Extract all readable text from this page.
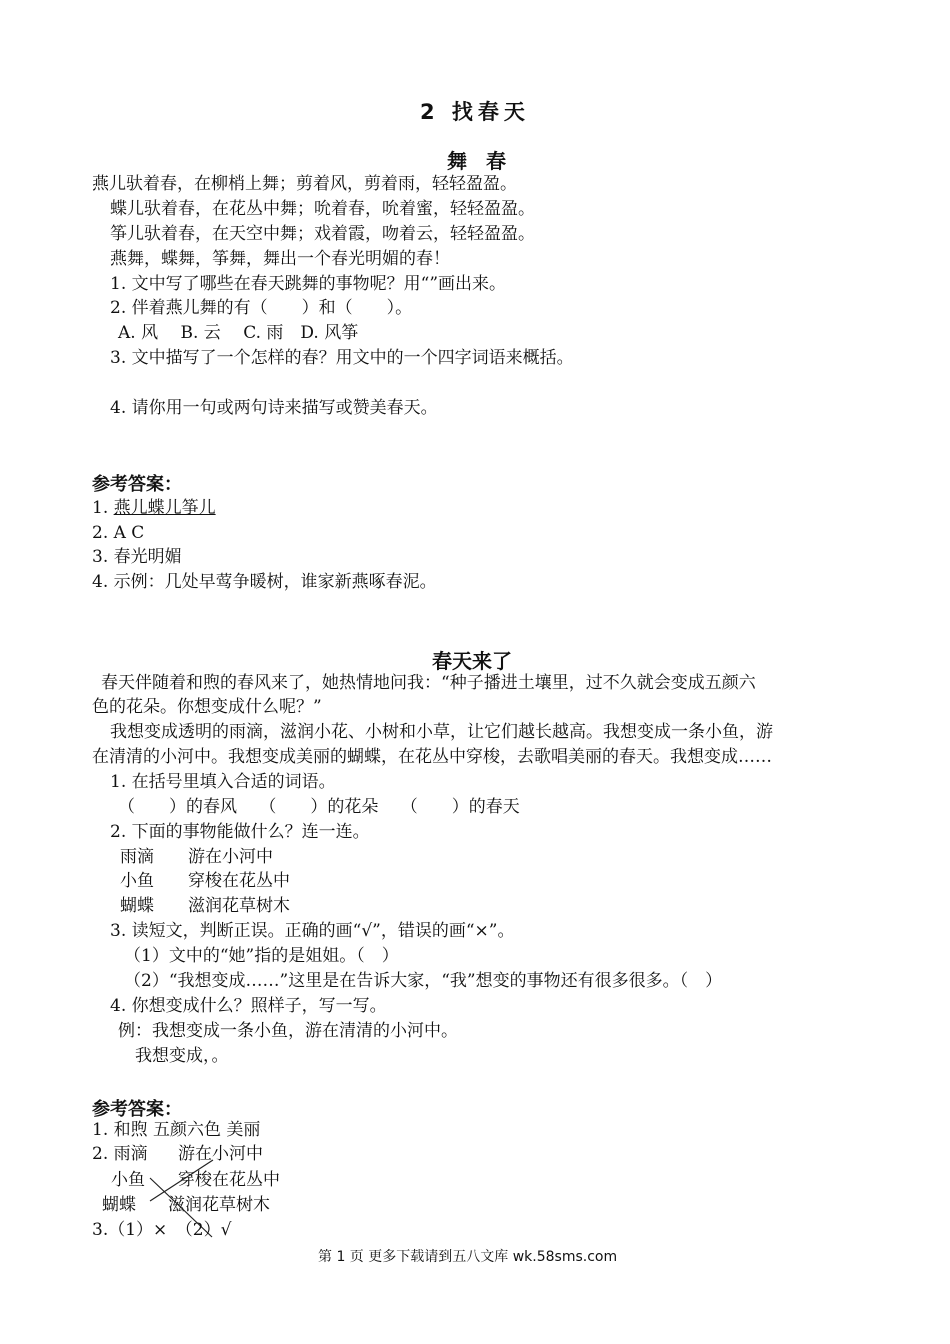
2 找春天
舞 春
燕儿驮着春，在柳梢上舞；剪着风，剪着雨，轻轻盈盈。
蝶儿驮着春，在花丛中舞；吮着春，吮着蜜，轻轻盈盈。
筝儿驮着春，在天空中舞；戏着霞，吻着云，轻轻盈盈。
燕舞，蝶舞，筝舞，舞出一个春光明媚的春！
1. 文中写了哪些在春天跳舞的事物呢？用“”画出来。
2. 伴着燕儿舞的有（　　）和（　　）。
A. 风　 B. 云　 C. 雨　D. 风筝
3. 文中描写了一个怎样的春？用文中的一个四字词语来概括。
4. 请你用一句或两句诗来描写或赞美春天。
参考答案：
1. 燕儿蝶儿筝儿
2. A C
3. 春光明媚
4. 示例：几处早莺争暖树，谁家新燕啄春泥。
春天来了
春天伴随着和煦的春风来了，她热情地问我：“种子播进土壤里，过不久就会变成五颜六
色的花朵。你想变成什么呢？”
我想变成透明的雨滴，滋润小花、小树和小草，让它们越长越高。我想变成一条小鱼，游
在清清的小河中。我想变成美丽的蝴蝶，在花丛中穿梭，去歌唱美丽的春天。我想变成……
1. 在括号里填入合适的词语。
（　　）的春风　 （　　）的花朵　 （　　）的春天
2. 下面的事物能做什么？连一连。
雨滴 游在小河中
小鱼 穿梭在花丛中
蝴蝶 滋润花草树木
3. 读短文，判断正误。正确的画“√”，错误的画“×”。
（1）文中的“她”指的是姐姐。（　）
（2）“我想变成……”这里是在告诉大家，“我”想变的事物还有很多很多。（　）
4. 你想变成什么？照样子，写一写。
例：我想变成一条小鱼，游在清清的小河中。
我想变成，。
参考答案：
1. 和煦 五颜六色 美丽
2. 雨滴 游在小河中
小鱼 穿梭在花丛中
蝴蝶 滋润花草树木
3.（1）×　（2）√
第 1 页 更多下载请到五八文库 wk.58sms.com
